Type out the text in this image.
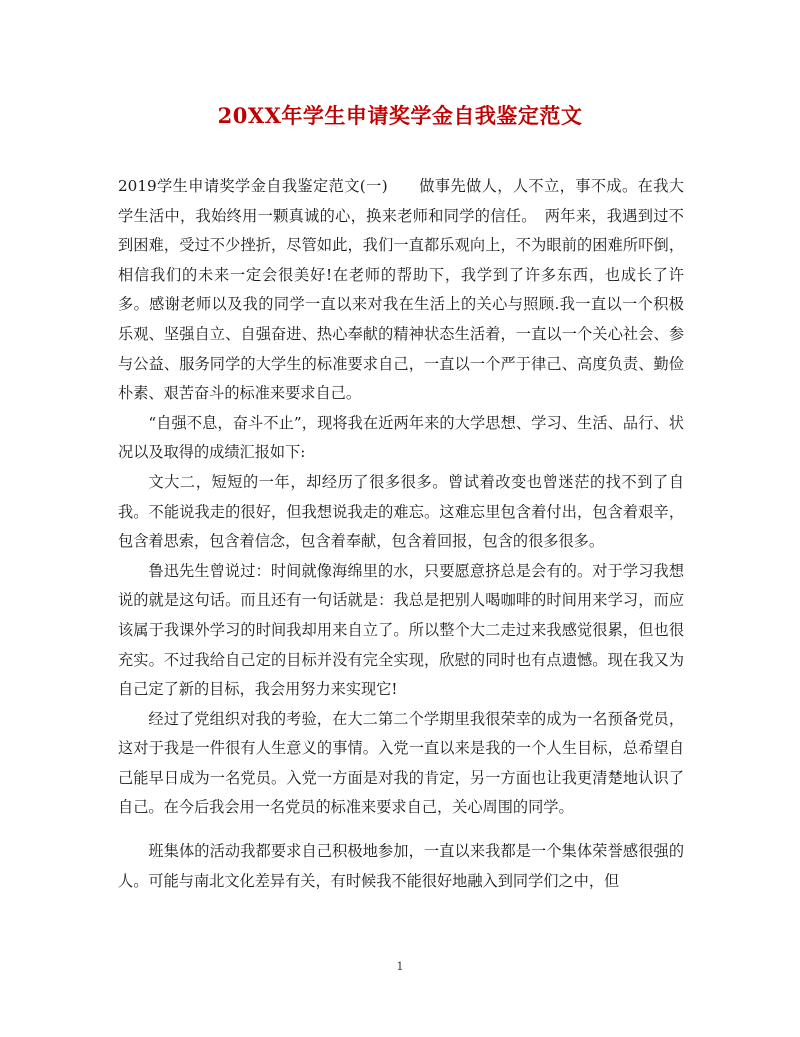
20XX年学生申请奖学金自我鉴定范文

2019学生申请奖学金自我鉴定范文(一)　　做事先做人，人不立，事不成。在我大学生活中，我始终用一颗真诚的心，换来老师和同学的信任。　两年来，我遇到过不到困难，受过不少挫折，尽管如此，我们一直都乐观向上，不为眼前的困难所吓倒，相信我们的未来一定会很美好!在老师的帮助下，我学到了许多东西，也成长了许多。感谢老师以及我的同学一直以来对我在生活上的关心与照顾.我一直以一个积极乐观、坚强自立、自强奋进、热心奉献的精神状态生活着，一直以一个关心社会、参与公益、服务同学的大学生的标准要求自己，一直以一个严于律己、高度负责、勤俭朴素、艰苦奋斗的标准来要求自己。

“自强不息，奋斗不止”，现将我在近两年来的大学思想、学习、生活、品行、状况以及取得的成绩汇报如下:

文大二，短短的一年，却经历了很多很多。曾试着改变也曾迷茫的找不到了自我。不能说我走的很好，但我想说我走的难忘。这难忘里包含着付出，包含着艰辛，包含着思索，包含着信念，包含着奉献，包含着回报，包含的很多很多。

鲁迅先生曾说过：时间就像海绵里的水，只要愿意挤总是会有的。对于学习我想说的就是这句话。而且还有一句话就是：我总是把别人喝咖啡的时间用来学习，而应该属于我课外学习的时间我却用来自立了。所以整个大二走过来我感觉很累，但也很充实。不过我给自己定的目标并没有完全实现，欣慰的同时也有点遗憾。现在我又为自己定了新的目标，我会用努力来实现它!

经过了党组织对我的考验，在大二第二个学期里我很荣幸的成为一名预备党员，这对于我是一件很有人生意义的事情。入党一直以来是我的一个人生目标，总希望自己能早日成为一名党员。入党一方面是对我的肯定，另一方面也让我更清楚地认识了自己。在今后我会用一名党员的标准来要求自己，关心周围的同学。

班集体的活动我都要求自己积极地参加，一直以来我都是一个集体荣誉感很强的人。可能与南北文化差异有关，有时候我不能很好地融入到同学们之中，但

1
